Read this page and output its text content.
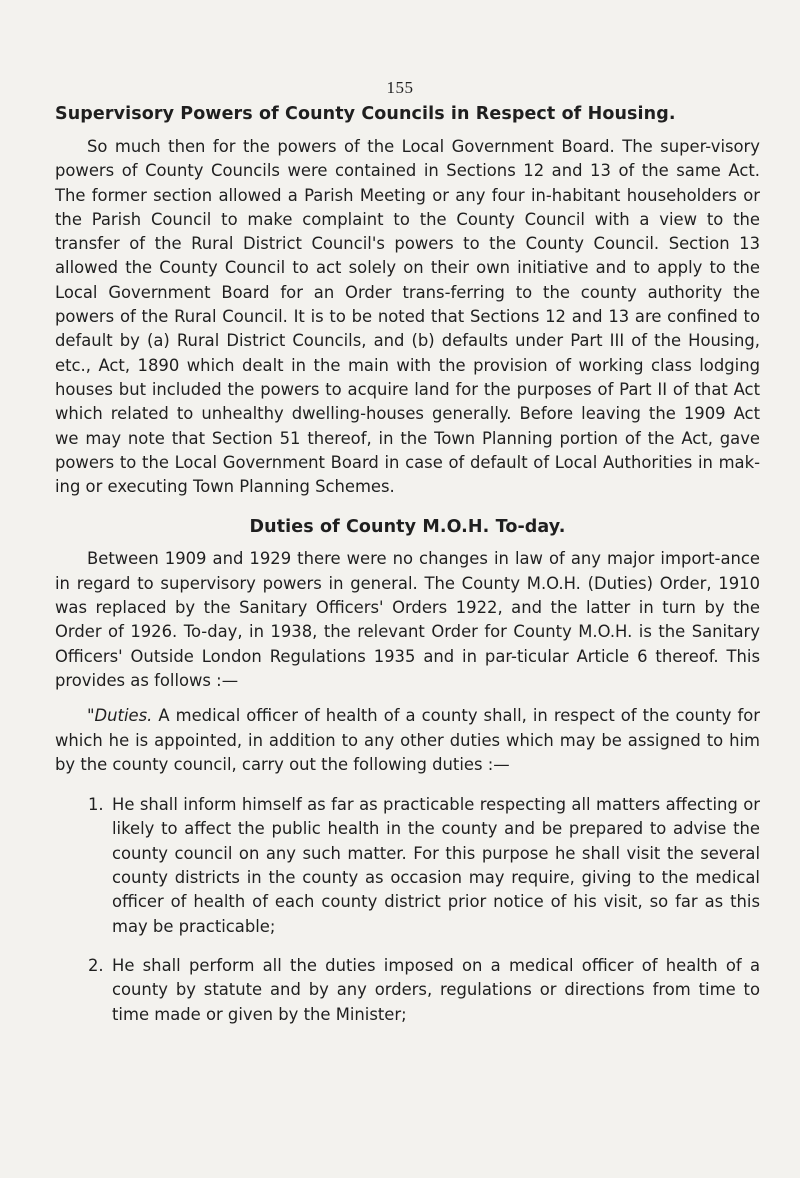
155
Supervisory Powers of County Councils in Respect of Housing.

So much then for the powers of the Local Government Board. The super-visory powers of County Councils were contained in Sections 12 and 13 of the same Act. The former section allowed a Parish Meeting or any four in-habitant householders or the Parish Council to make complaint to the County Council with a view to the transfer of the Rural District Council's powers to the County Council. Section 13 allowed the County Council to act solely on their own initiative and to apply to the Local Government Board for an Order trans-ferring to the county authority the powers of the Rural Council. It is to be noted that Sections 12 and 13 are confined to default by (a) Rural District Councils, and (b) defaults under Part III of the Housing, etc., Act, 1890 which dealt in the main with the provision of working class lodging houses but included the powers to acquire land for the purposes of Part II of that Act which related to unhealthy dwelling-houses generally. Before leaving the 1909 Act we may note that Section 51 thereof, in the Town Planning portion of the Act, gave powers to the Local Government Board in case of default of Local Authorities in mak-ing or executing Town Planning Schemes.

Duties of County M.O.H. To-day.

Between 1909 and 1929 there were no changes in law of any major import-ance in regard to supervisory powers in general. The County M.O.H. (Duties) Order, 1910 was replaced by the Sanitary Officers' Orders 1922, and the latter in turn by the Order of 1926. To-day, in 1938, the relevant Order for County M.O.H. is the Sanitary Officers' Outside London Regulations 1935 and in par-ticular Article 6 thereof. This provides as follows :—

"Duties. A medical officer of health of a county shall, in respect of the county for which he is appointed, in addition to any other duties which may be assigned to him by the county council, carry out the following duties :—

1. He shall inform himself as far as practicable respecting all matters affecting or likely to affect the public health in the county and be prepared to advise the county council on any such matter. For this purpose he shall visit the several county districts in the county as occasion may require, giving to the medical officer of health of each county district prior notice of his visit, so far as this may be practicable;
2. He shall perform all the duties imposed on a medical officer of health of a county by statute and by any orders, regulations or directions from time to time made or given by the Minister;
